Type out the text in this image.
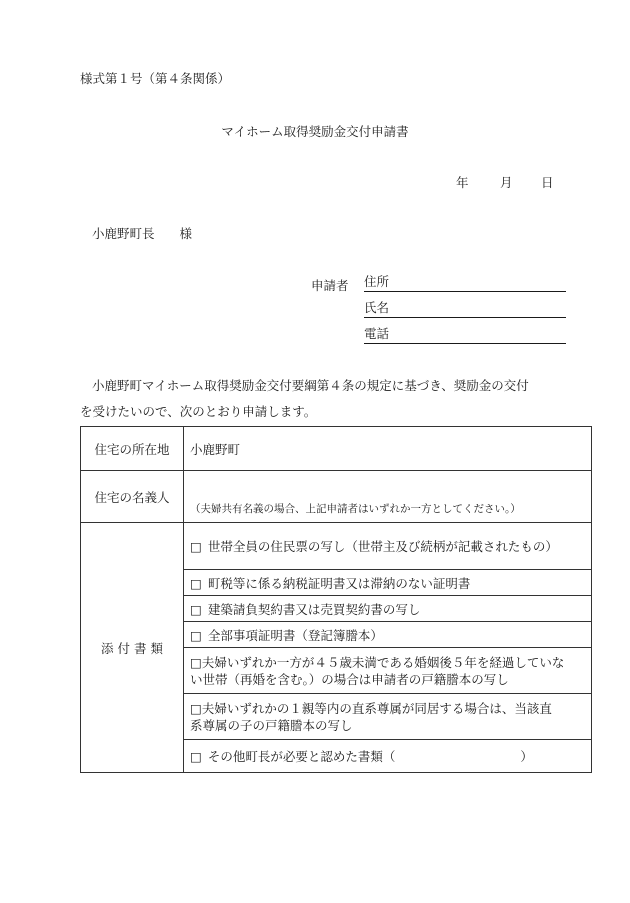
様式第１号（第４条関係）
マイホーム取得奨励金交付申請書
年	月 日
小鹿野町長　　様
申請者 住所
氏名
電話
小鹿野町マイホーム取得奨励金交付要綱第４条の規定に基づき、奨励金の交付
を受けたいので、次のとおり申請します。
住宅の所在地	小鹿野町
住宅の名義人	（夫婦共有名義の場合、上記申請者はいずれか一方としてください。）
添 付 書 類	□ 世帯全員の住民票の写し（世帯主及び続柄が記載されたもの）
	□ 町税等に係る納税証明書又は滞納のない証明書
	□ 建築請負契約書又は売買契約書の写し
	□ 全部事項証明書（登記簿謄本）
	□夫婦いずれか一方が４５歳未満である婚姻後５年を経過していな
い世帯（再婚を含む。）の場合は申請者の戸籍謄本の写し
	□夫婦いずれかの１親等内の直系尊属が同居する場合は、当該直
系尊属の子の戸籍謄本の写し
	□ その他町長が必要と認めた書類（　　　　　　　　　　）
